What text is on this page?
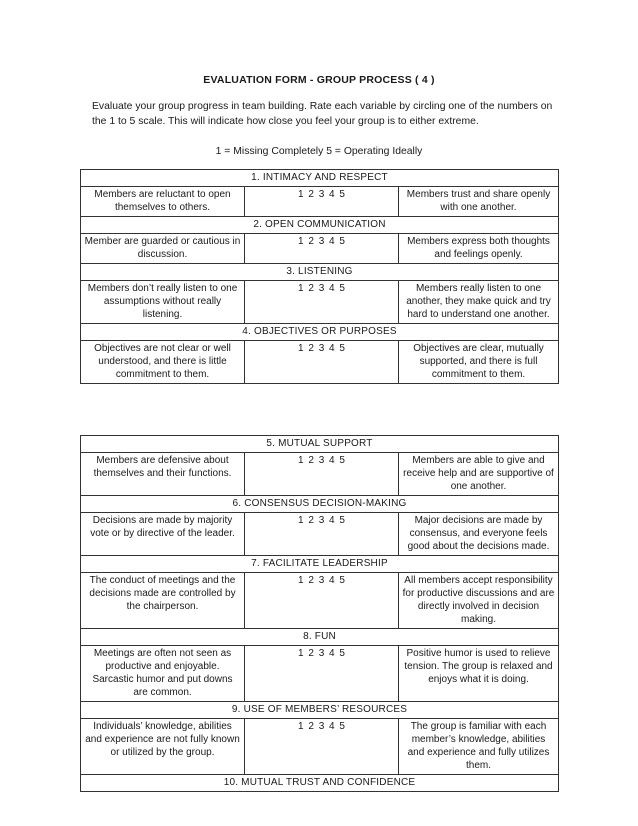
EVALUATION FORM - GROUP PROCESS ( 4 )
Evaluate your group progress in team building. Rate each variable by circling one of the numbers on the 1 to 5 scale. This will indicate how close you feel your group is to either extreme.
1 = Missing Completely 5 = Operating Ideally
1. INTIMACY AND RESPECT		
Members are reluctant to open themselves to others.	1 2 3 4 5	Members trust and share openly with one another.
2. OPEN COMMUNICATION		
Member are guarded or cautious in discussion.	1 2 3 4 5	Members express both thoughts and feelings openly.
3. LISTENING		
Members don’t really listen to one assumptions without really listening.	1 2 3 4 5	Members really listen to one another, they make quick and try hard to understand one another.
4. OBJECTIVES OR PURPOSES		
Objectives are not clear or well understood, and there is little commitment to them.	1 2 3 4 5	Objectives are clear, mutually supported, and there is full commitment to them.
5. MUTUAL SUPPORT		
Members are defensive about themselves and their functions.	1 2 3 4 5	Members are able to give and receive help and are supportive of one another.
6. CONSENSUS DECISION-MAKING		
Decisions are made by majority vote or by directive of the leader.	1 2 3 4 5	Major decisions are made by consensus, and everyone feels good about the decisions made.
7. FACILITATE LEADERSHIP		
The conduct of meetings and the decisions made are controlled by the chairperson.	1 2 3 4 5	All members accept responsibility for productive discussions and are directly involved in decision making.
8. FUN		
Meetings are often not seen as productive and enjoyable. Sarcastic humor and put downs are common.	1 2 3 4 5	Positive humor is used to relieve tension. The group is relaxed and enjoys what it is doing.
9. USE OF MEMBERS’ RESOURCES		
Individuals’ knowledge, abilities and experience are not fully known or utilized by the group.	1 2 3 4 5	The group is familiar with each member’s knowledge, abilities and experience and fully utilizes them.
10. MUTUAL TRUST AND CONFIDENCE		
